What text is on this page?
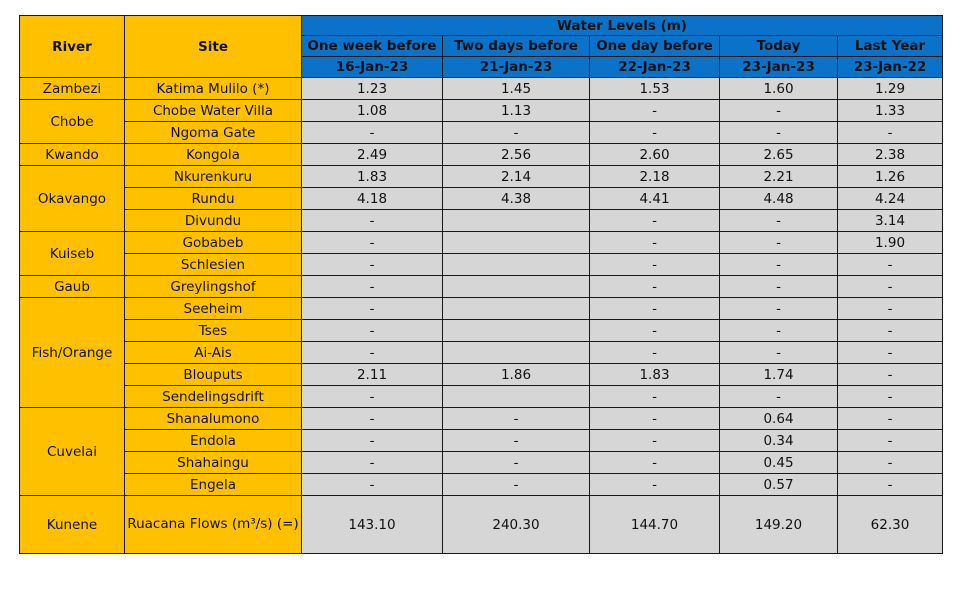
River	Site	Water Levels (m)				
		One week before	Two days before	One day before	Today	Last Year
		16-Jan-23	21-Jan-23	22-Jan-23	23-Jan-23	23-Jan-22
Zambezi	Katima Mulilo (*)	1.23	1.45	1.53	1.60	1.29
Chobe	Chobe Water Villa	1.08	1.13	-	-	1.33
	Ngoma Gate	-	-	-	-	-
Kwando	Kongola	2.49	2.56	2.60	2.65	2.38
Okavango	Nkurenkuru	1.83	2.14	2.18	2.21	1.26
	Rundu	4.18	4.38	4.41	4.48	4.24
	Divundu	-		-	-	3.14
Kuiseb	Gobabeb	-		-	-	1.90
	Schlesien	-		-	-	-
Gaub	Greylingshof	-		-	-	-
Fish/Orange	Seeheim	-		-	-	-
	Tses	-		-	-	-
	Ai-Ais	-		-	-	-
	Blouputs	2.11	1.86	1.83	1.74	-
	Sendelingsdrift	-		-	-	-
Cuvelai	Shanalumono	-	-	-	0.64	-
	Endola	-	-	-	0.34	-
	Shahaingu	-	-	-	0.45	-
	Engela	-	-	-	0.57	-
Kunene	Ruacana Flows (m³/s) (=)	143.10	240.30	144.70	149.20	62.30
